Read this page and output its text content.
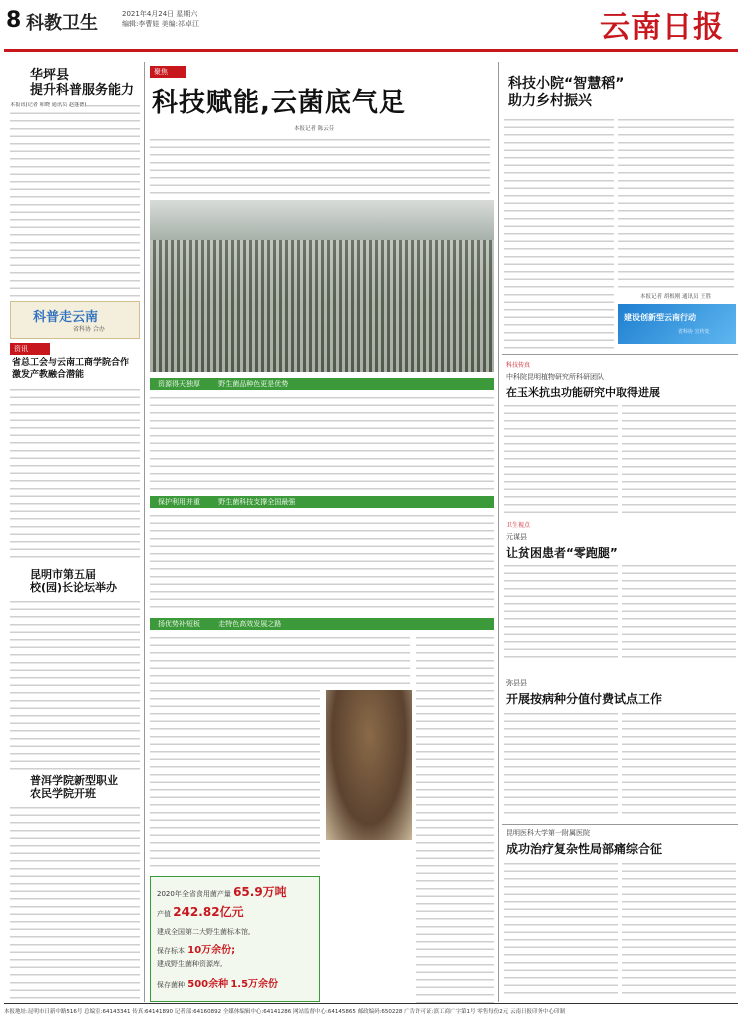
8 科教卫生	2021年4月24日 星期六
编辑:李曹娃 美编:祁卓江	云南日报
华坪县
提升科普服务能力
本报讯(记者 和晓 通讯员 赵蓬德)
科普走云南
省科协 合办
资讯
省总工会与云南工商学院合作
激发产教融合潜能
昆明市第五届
校(园)长论坛举办
普洱学院新型职业
农民学院开班
聚焦
科技赋能,云菌底气足
本报记者 陈云芬
资源得天独厚	野生菌品种色更是优势
保护利用并重	野生菌科技支撑全国最强
扬优势补短板	走特色高效发展之路
2020年全省食用菌产量 65.9万吨
产值 242.82亿元
建成全国第二大野生菌标本馆,
保存标本 10万余份;
建成野生菌种资源库,
保存菌种 500余种 1.5万余份
科技小院“智慧稻”
助力乡村振兴
本报记者 胡根刚 通讯员 王胜
建设创新型云南行动
省科协 宣传处
科技传真
中科院昆明植物研究所科研团队
在玉米抗虫功能研究中取得进展
卫生视点
元谋县
让贫困患者“零跑腿”
弥县县
开展按病种分值付费试点工作
昆明医科大学第一附属医院
成功治疗复杂性局部痛综合征
本报地址:昆明市日新中路516号 总编室:64143341 传真:64141890 记者部:64160892 全媒体编辑中心:64141286 网站监督中心:64145865 邮政编码:650228 广告许可证:滇工商广字第1号 零售每份2元 云南日报印务中心印制
